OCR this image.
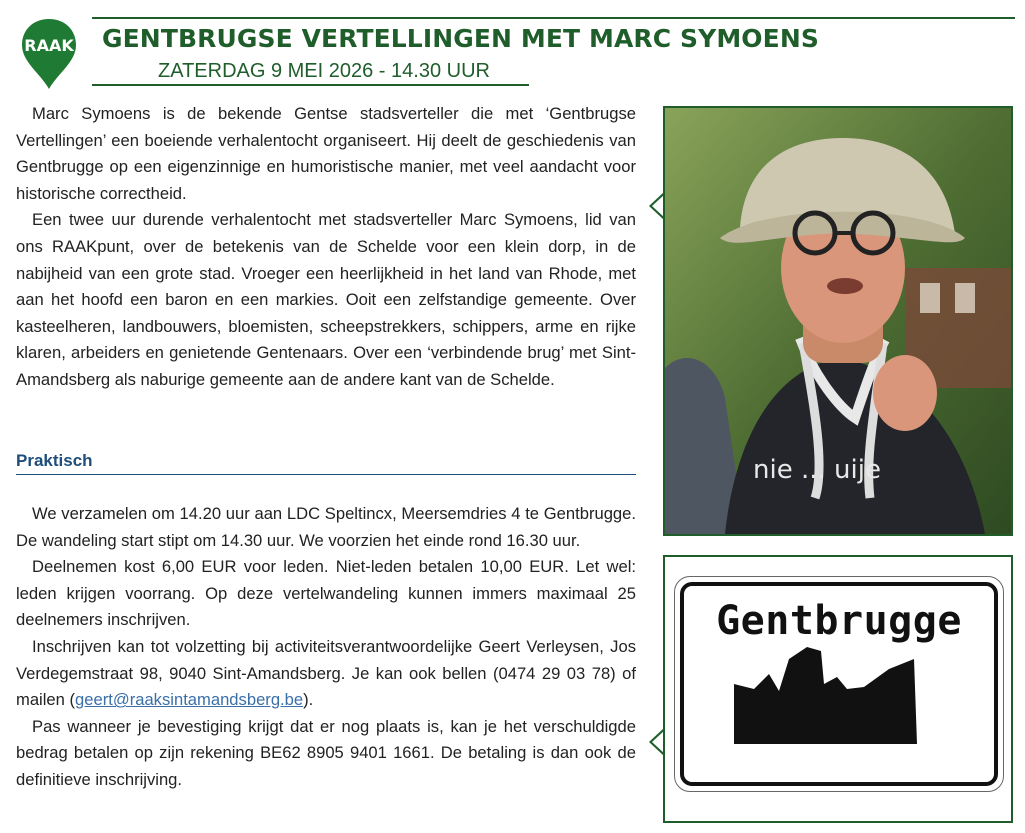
RAAK GENTBRUGSE VERTELLINGEN MET MARC SYMOENS
ZATERDAG 9 MEI 2026 - 14.30 UUR

Marc Symoens is de bekende Gentse stadsverteller die met ‘Gentbrugse Vertellingen’ een boeiende verhalentocht organiseert. Hij deelt de geschiedenis van Gentbrugge op een eigenzinnige en humoristische manier, met veel aandacht voor historische correctheid.

Een twee uur durende verhalentocht met stadsverteller Marc Symoens, lid van ons RAAKpunt, over de betekenis van de Schelde voor een klein dorp, in de nabijheid van een grote stad. Vroeger een heerlijkheid in het land van Rhode, met aan het hoofd een baron en een markies. Ooit een zelfstandige gemeente. Over kasteelheren, landbouwers, bloemisten, scheepstrekkers, schippers, arme en rijke klaren, arbeiders en genietende Gentenaars. Over een ‘verbindende brug’ met Sint-Amandsberg als naburige gemeente aan de andere kant van de Schelde.

Praktisch

We verzamelen om 14.20 uur aan LDC Speltincx, Meersemdries 4 te Gentbrugge. De wandeling start stipt om 14.30 uur. We voorzien het einde rond 16.30 uur.

Deelnemen kost 6,00 EUR voor leden. Niet-leden betalen 10,00 EUR. Let wel: leden krijgen voorrang. Op deze vertelwandeling kunnen immers maximaal 25 deelnemers inschrijven.

Inschrijven kan tot volzetting bij activiteitsverantwoordelijke Geert Verleysen, Jos Verdegemstraat 98, 9040 Sint-Amandsberg. Je kan ook bellen (0474 29 03 78) of mailen (geert@raaksintamandsberg.be).

Pas wanneer je bevestiging krijgt dat er nog plaats is, kan je het verschuldigde bedrag betalen op zijn rekening BE62 8905 9401 1661. De betaling is dan ook de definitieve inschrijving.

nie ... uije
Gentbrugge
